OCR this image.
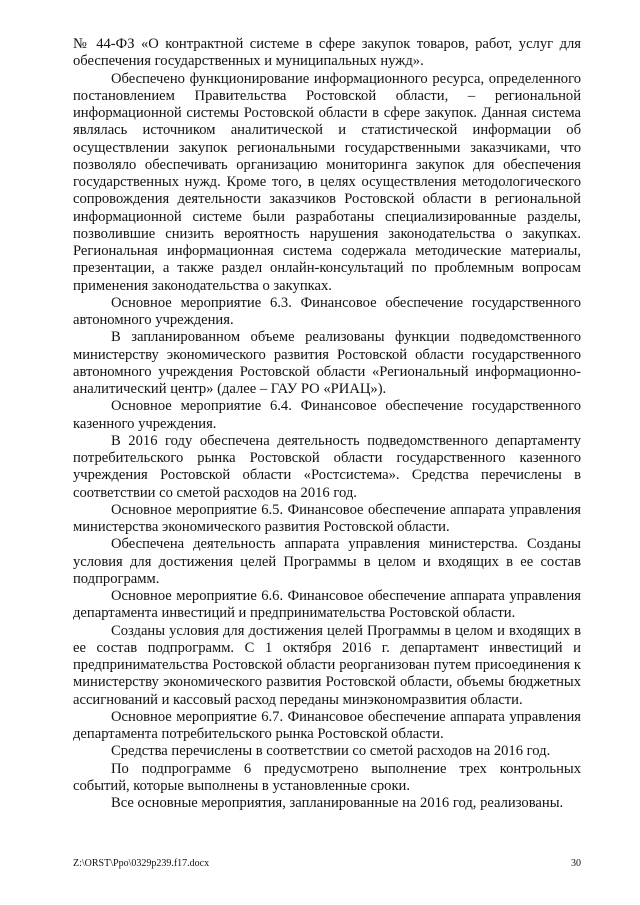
№ 44-ФЗ «О контрактной системе в сфере закупок товаров, работ, услуг для обеспечения государственных и муниципальных нужд».

Обеспечено функционирование информационного ресурса, определенного постановлением Правительства Ростовской области, – региональной информационной системы Ростовской области в сфере закупок. Данная система являлась источником аналитической и статистической информации об осуществлении закупок региональными государственными заказчиками, что позволяло обеспечивать организацию мониторинга закупок для обеспечения государственных нужд. Кроме того, в целях осуществления методологического сопровождения деятельности заказчиков Ростовской области в региональной информационной системе были разработаны специализированные разделы, позволившие снизить вероятность нарушения законодательства о закупках. Региональная информационная система содержала методические материалы, презентации, а также раздел онлайн-консультаций по проблемным вопросам применения законодательства о закупках.

Основное мероприятие 6.3. Финансовое обеспечение государственного автономного учреждения.

В запланированном объеме реализованы функции подведомственного министерству экономического развития Ростовской области государственного автономного учреждения Ростовской области «Региональный информационно-аналитический центр» (далее – ГАУ РО «РИАЦ»).

Основное мероприятие 6.4. Финансовое обеспечение государственного казенного учреждения.

В 2016 году обеспечена деятельность подведомственного департаменту потребительского рынка Ростовской области государственного казенного учреждения Ростовской области «Ростсистема». Средства перечислены в соответствии со сметой расходов на 2016 год.

Основное мероприятие 6.5. Финансовое обеспечение аппарата управления министерства экономического развития Ростовской области.

Обеспечена деятельность аппарата управления министерства. Созданы условия для достижения целей Программы в целом и входящих в ее состав подпрограмм.

Основное мероприятие 6.6. Финансовое обеспечение аппарата управления департамента инвестиций и предпринимательства Ростовской области.

Созданы условия для достижения целей Программы в целом и входящих в ее состав подпрограмм. С 1 октября 2016 г. департамент инвестиций и предпринимательства Ростовской области реорганизован путем присоединения к министерству экономического развития Ростовской области, объемы бюджетных ассигнований и кассовый расход переданы минэкономразвития области.

Основное мероприятие 6.7. Финансовое обеспечение аппарата управления департамента потребительского рынка Ростовской области.

Средства перечислены в соответствии со сметой расходов на 2016 год.

По подпрограмме 6 предусмотрено выполнение трех контрольных событий, которые выполнены в установленные сроки.

Все основные мероприятия, запланированные на 2016 год, реализованы.

Z:\ORST\Ppo\0329p239.f17.docx	30
